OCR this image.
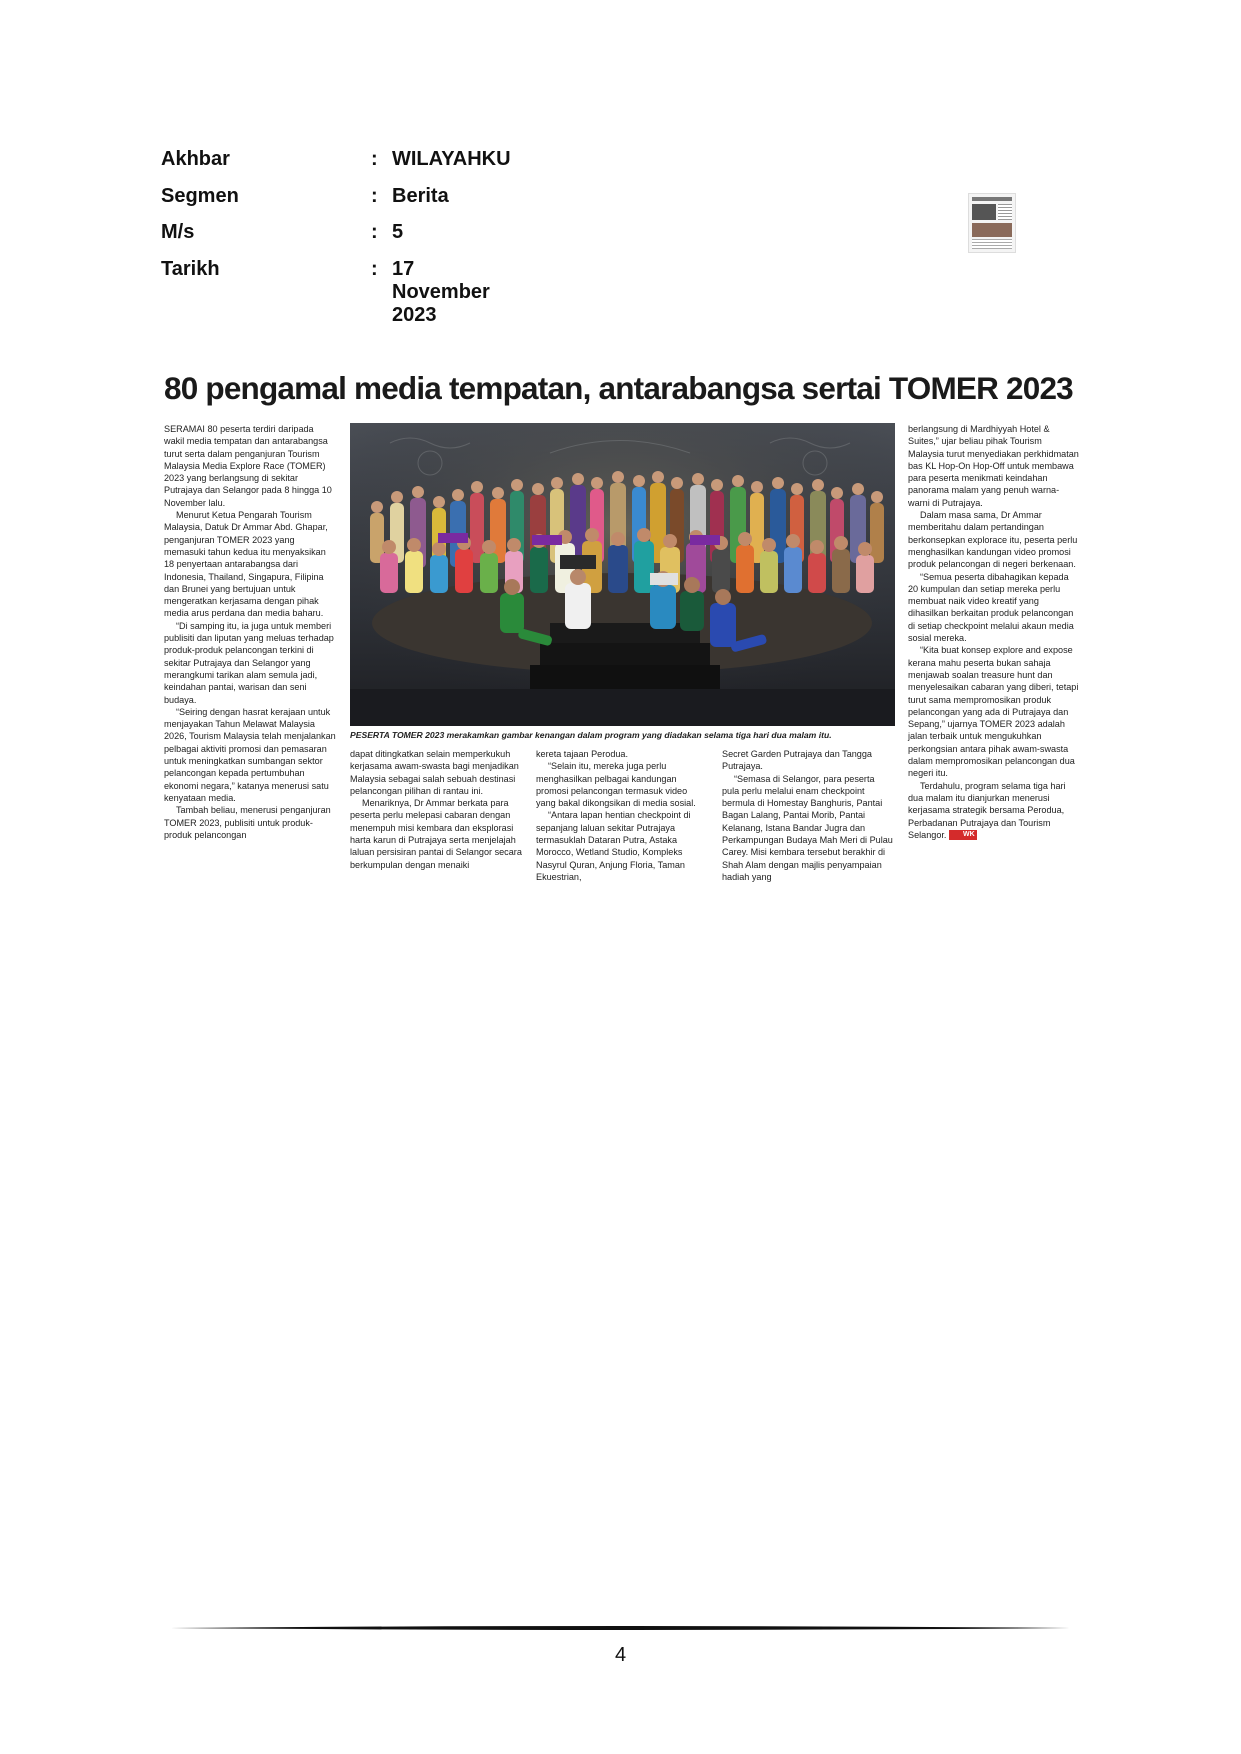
Akhbar	: WILAYAHKU
Segmen	: Berita
M/s	: 5
Tarikh	: 17 November 2023
80 pengamal media tempatan, antarabangsa sertai TOMER 2023

SERAMAI 80 peserta terdiri daripada wakil media tempatan dan antarabangsa turut serta dalam penganjuran Tourism Malaysia Media Explore Race (TOMER) 2023 yang berlangsung di sekitar Putrajaya dan Selangor pada 8 hingga 10 November lalu.

Menurut Ketua Pengarah Tourism Malaysia, Datuk Dr Ammar Abd. Ghapar, penganjuran TOMER 2023 yang memasuki tahun kedua itu menyaksikan 18 penyertaan antarabangsa dari Indonesia, Thailand, Singapura, Filipina dan Brunei yang bertujuan untuk mengeratkan kerjasama dengan pihak media arus perdana dan media baharu.

“Di samping itu, ia juga untuk memberi publisiti dan liputan yang meluas terhadap produk-produk pelancongan terkini di sekitar Putrajaya dan Selangor yang merangkumi tarikan alam semula jadi, keindahan pantai, warisan dan seni budaya.

“Seiring dengan hasrat kerajaan untuk menjayakan Tahun Melawat Malaysia 2026, Tourism Malaysia telah menjalankan pelbagai aktiviti promosi dan pemasaran untuk meningkatkan sumbangan sektor pelancongan kepada pertumbuhan ekonomi negara,” katanya menerusi satu kenyataan media.

Tambah beliau, menerusi penganjuran TOMER 2023, publisiti untuk produk-produk pelancongan

PESERTA TOMER 2023 merakamkan gambar kenangan dalam program yang diadakan selama tiga hari dua malam itu.

dapat ditingkatkan selain memperkukuh kerjasama awam-swasta bagi menjadikan Malaysia sebagai salah sebuah destinasi pelancongan pilihan di rantau ini.

Menariknya, Dr Ammar berkata para peserta perlu melepasi cabaran dengan menempuh misi kembara dan eksplorasi harta karun di Putrajaya serta menjelajah laluan persisiran pantai di Selangor secara berkumpulan dengan menaiki

kereta tajaan Perodua.

“Selain itu, mereka juga perlu menghasilkan pelbagai kandungan promosi pelancongan termasuk video yang bakal dikongsikan di media sosial.

“Antara lapan hentian checkpoint di sepanjang laluan sekitar Putrajaya termasuklah Dataran Putra, Astaka Morocco, Wetland Studio, Kompleks Nasyrul Quran, Anjung Floria, Taman Ekuestrian,

Secret Garden Putrajaya dan Tangga Putrajaya.

“Semasa di Selangor, para peserta pula perlu melalui enam checkpoint bermula di Homestay Banghuris, Pantai Bagan Lalang, Pantai Morib, Pantai Kelanang, Istana Bandar Jugra dan Perkampungan Budaya Mah Meri di Pulau Carey. Misi kembara tersebut berakhir di Shah Alam dengan majlis penyampaian hadiah yang

berlangsung di Mardhiyyah Hotel & Suites,” ujar beliau pihak Tourism Malaysia turut menyediakan perkhidmatan bas KL Hop-On Hop-Off untuk membawa para peserta menikmati keindahan panorama malam yang penuh warna-warni di Putrajaya.

Dalam masa sama, Dr Ammar memberitahu dalam pertandingan berkonsepkan explorace itu, peserta perlu menghasilkan kandungan video promosi produk pelancongan di negeri berkenaan.

“Semua peserta dibahagikan kepada 20 kumpulan dan setiap mereka perlu membuat naik video kreatif yang dihasilkan berkaitan produk pelancongan di setiap checkpoint melalui akaun media sosial mereka.

“Kita buat konsep explore and expose kerana mahu peserta bukan sahaja menjawab soalan treasure hunt dan menyelesaikan cabaran yang diberi, tetapi turut sama mempromosikan produk pelancongan yang ada di Putrajaya dan Sepang,” ujarnya TOMER 2023 adalah jalan terbaik untuk mengukuhkan perkongsian antara pihak awam-swasta dalam mempromosikan pelancongan dua negeri itu.

Terdahulu, program selama tiga hari dua malam itu dianjurkan menerusi kerjasama strategik bersama Perodua, Perbadanan Putrajaya dan Tourism Selangor. WK

4
